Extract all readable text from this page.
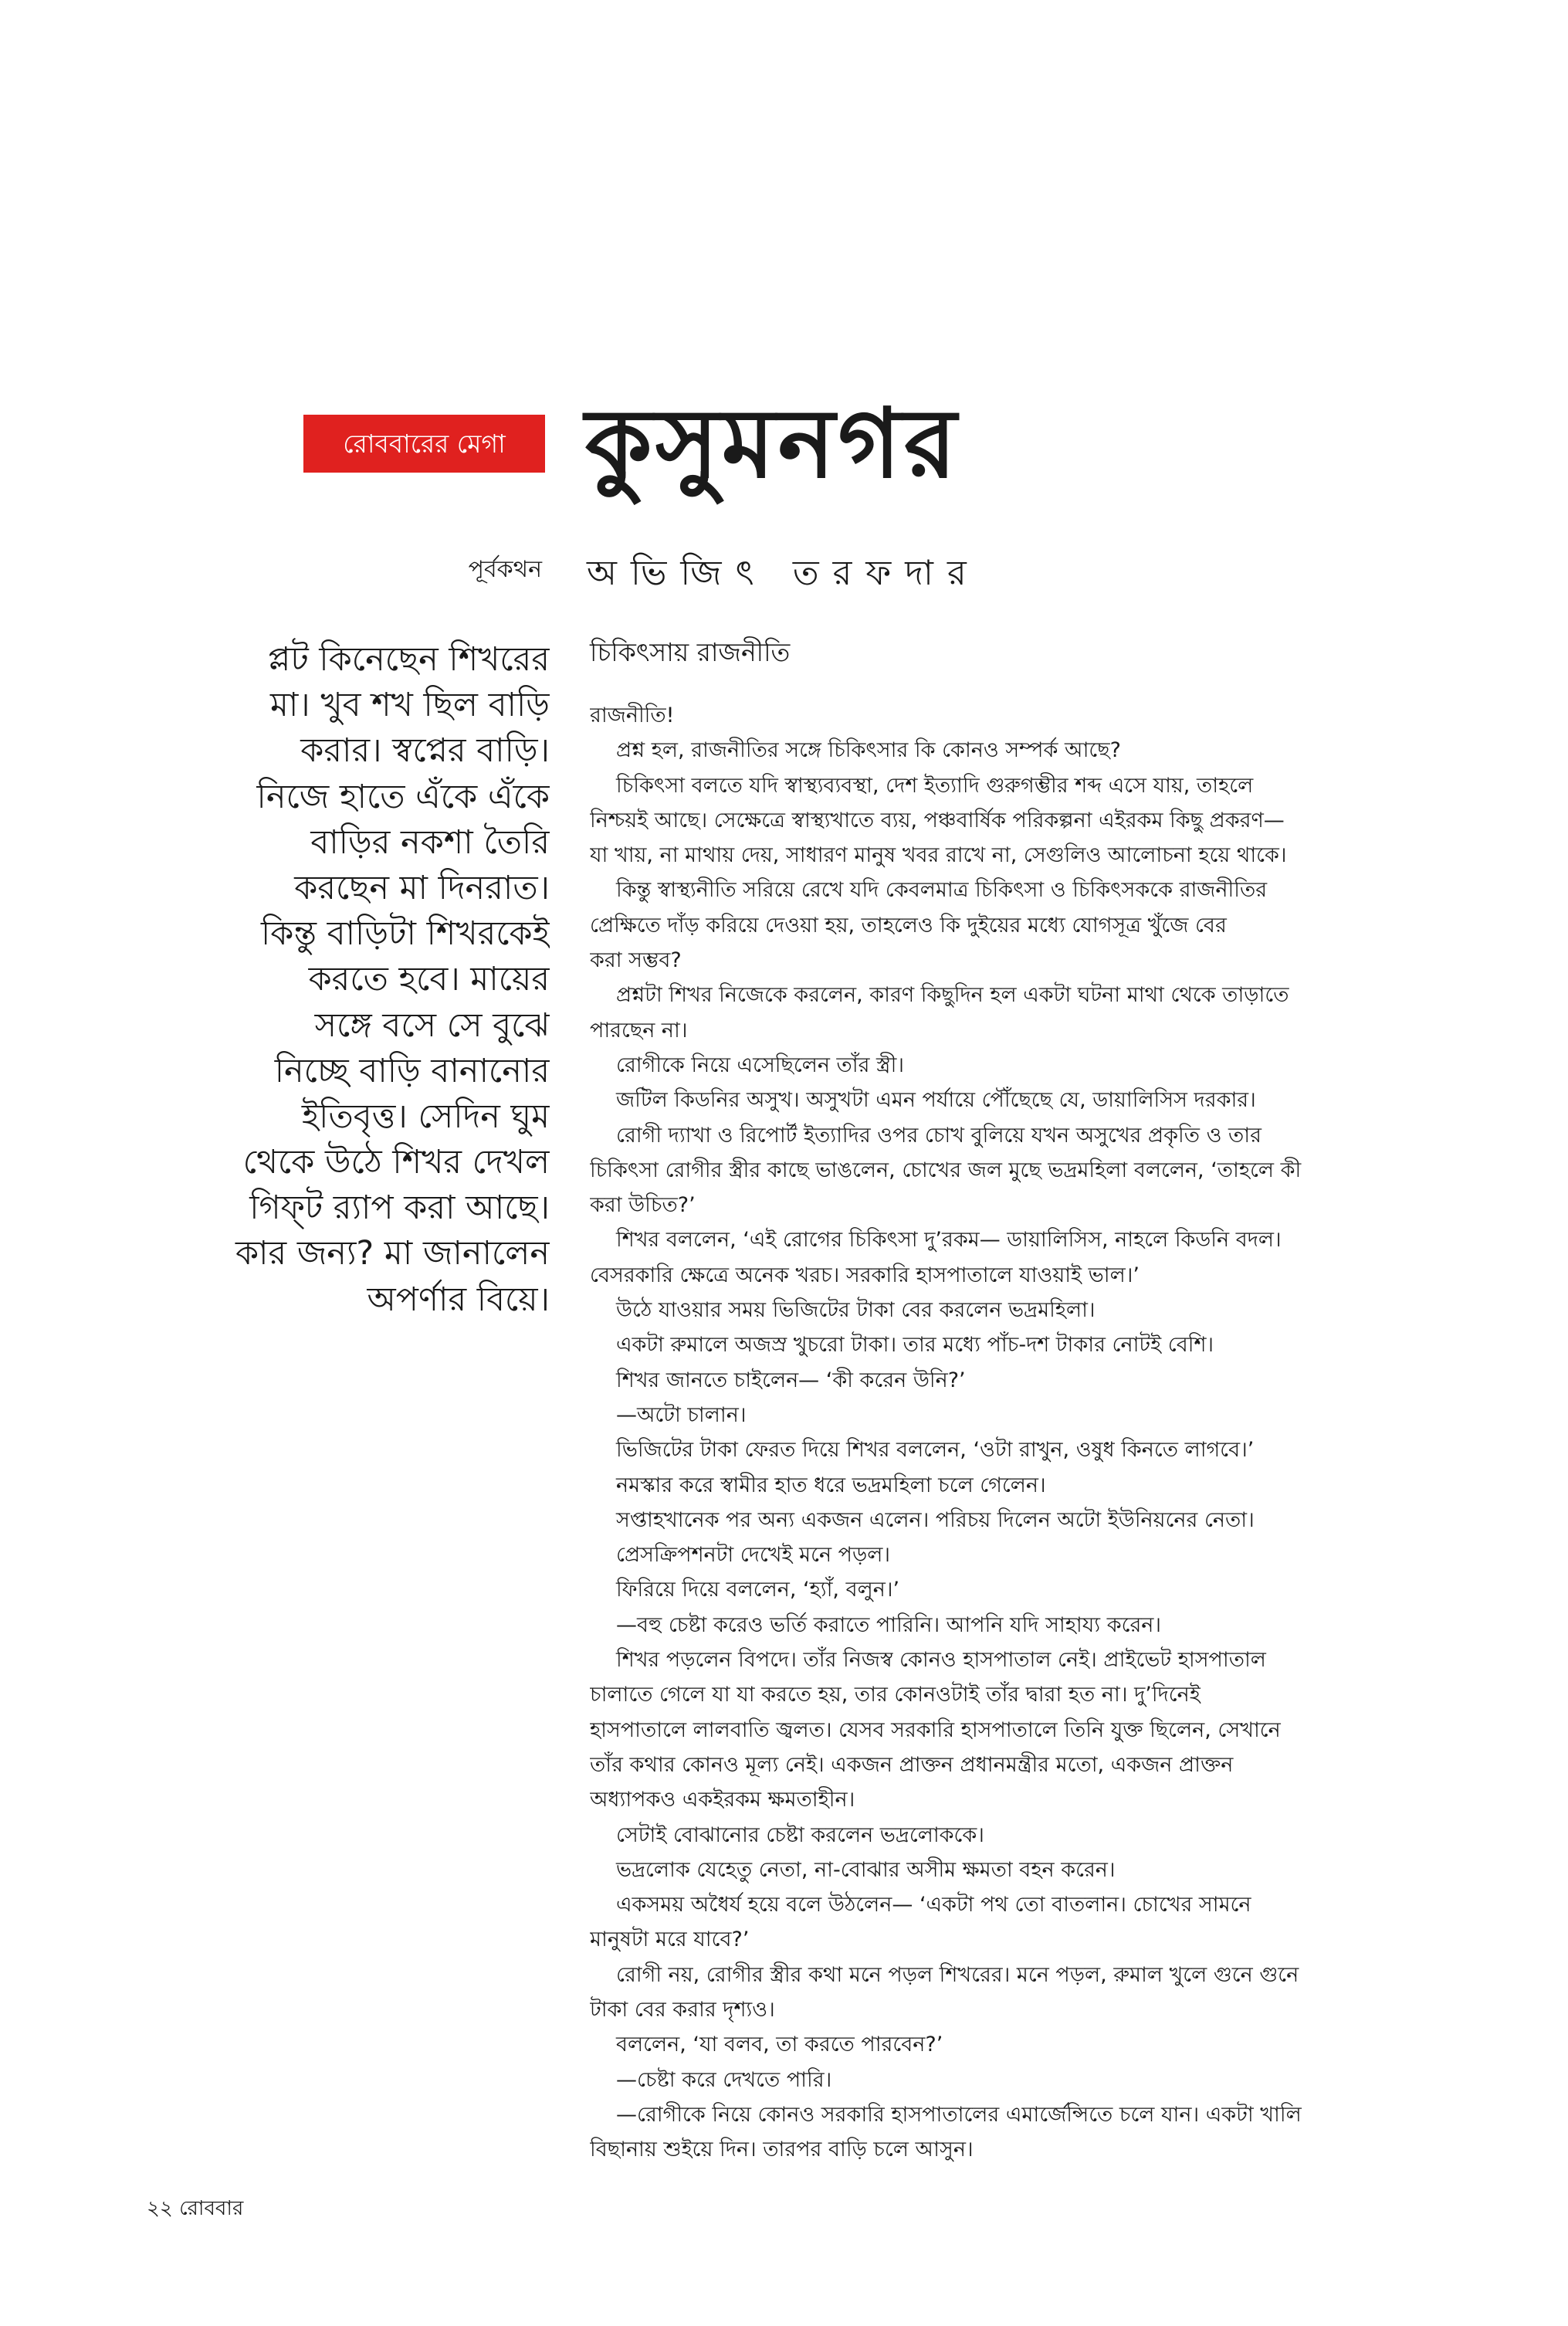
রোববারের মেগা কুসুমনগর
পূর্বকথন অভিজিৎ তরফদার
প্লট কিনেছেন শিখরের
মা। খুব শখ ছিল বাড়ি
করার। স্বপ্নের বাড়ি।
নিজে হাতে এঁকে এঁকে
বাড়ির নকশা তৈরি
করছেন মা দিনরাত।
কিন্তু বাড়িটা শিখরকেই
করতে হবে। মায়ের
সঙ্গে বসে সে বুঝে
নিচ্ছে বাড়ি বানানোর
ইতিবৃত্ত। সেদিন ঘুম
থেকে উঠে শিখর দেখল
গিফ্‌ট র‍্যাপ করা আছে।
কার জন্য? মা জানালেন
অপর্ণার বিয়ে।
চিকিৎসায় রাজনীতি
রাজনীতি!
প্রশ্ন হল, রাজনীতির সঙ্গে চিকিৎসার কি কোনও সম্পর্ক আছে?
চিকিৎসা বলতে যদি স্বাস্থ্যব্যবস্থা, দেশ ইত্যাদি গুরুগম্ভীর শব্দ এসে যায়, তাহলে
নিশ্চয়ই আছে। সেক্ষেত্রে স্বাস্থ্যখাতে ব্যয়, পঞ্চবার্ষিক পরিকল্পনা এইরকম কিছু প্রকরণ—
যা খায়, না মাথায় দেয়, সাধারণ মানুষ খবর রাখে না, সেগুলিও আলোচনা হয়ে থাকে।
কিন্তু স্বাস্থ্যনীতি সরিয়ে রেখে যদি কেবলমাত্র চিকিৎসা ও চিকিৎসককে রাজনীতির
প্রেক্ষিতে দাঁড় করিয়ে দেওয়া হয়, তাহলেও কি দুইয়ের মধ্যে যোগসূত্র খুঁজে বের
করা সম্ভব?
প্রশ্নটা শিখর নিজেকে করলেন, কারণ কিছুদিন হল একটা ঘটনা মাথা থেকে তাড়াতে
পারছেন না।
রোগীকে নিয়ে এসেছিলেন তাঁর স্ত্রী।
জটিল কিডনির অসুখ। অসুখটা এমন পর্যায়ে পৌঁছেছে যে, ডায়ালিসিস দরকার।
রোগী দ্যাখা ও রিপোর্ট ইত্যাদির ওপর চোখ বুলিয়ে যখন অসুখের প্রকৃতি ও তার
চিকিৎসা রোগীর স্ত্রীর কাছে ভাঙলেন, চোখের জল মুছে ভদ্রমহিলা বললেন, ‘তাহলে কী
করা উচিত?’
শিখর বললেন, ‘এই রোগের চিকিৎসা দু’রকম— ডায়ালিসিস, নাহলে কিডনি বদল।
বেসরকারি ক্ষেত্রে অনেক খরচ। সরকারি হাসপাতালে যাওয়াই ভাল।’
উঠে যাওয়ার সময় ভিজিটের টাকা বের করলেন ভদ্রমহিলা।
একটা রুমালে অজস্র খুচরো টাকা। তার মধ্যে পাঁচ-দশ টাকার নোটই বেশি।
শিখর জানতে চাইলেন— ‘কী করেন উনি?’
—অটো চালান।
ভিজিটের টাকা ফেরত দিয়ে শিখর বললেন, ‘ওটা রাখুন, ওষুধ কিনতে লাগবে।’
নমস্কার করে স্বামীর হাত ধরে ভদ্রমহিলা চলে গেলেন।
সপ্তাহখানেক পর অন্য একজন এলেন। পরিচয় দিলেন অটো ইউনিয়নের নেতা।
প্রেসক্রিপশনটা দেখেই মনে পড়ল।
ফিরিয়ে দিয়ে বললেন, ‘হ্যাঁ, বলুন।’
—বহু চেষ্টা করেও ভর্তি করাতে পারিনি। আপনি যদি সাহায্য করেন।
শিখর পড়লেন বিপদে। তাঁর নিজস্ব কোনও হাসপাতাল নেই। প্রাইভেট হাসপাতাল
চালাতে গেলে যা যা করতে হয়, তার কোনওটাই তাঁর দ্বারা হত না। দু’দিনেই
হাসপাতালে লালবাতি জ্বলত। যেসব সরকারি হাসপাতালে তিনি যুক্ত ছিলেন, সেখানে
তাঁর কথার কোনও মূল্য নেই। একজন প্রাক্তন প্রধানমন্ত্রীর মতো, একজন প্রাক্তন
অধ্যাপকও একইরকম ক্ষমতাহীন।
সেটাই বোঝানোর চেষ্টা করলেন ভদ্রলোককে।
ভদ্রলোক যেহেতু নেতা, না-বোঝার অসীম ক্ষমতা বহন করেন।
একসময় অধৈর্য হয়ে বলে উঠলেন— ‘একটা পথ তো বাতলান। চোখের সামনে
মানুষটা মরে যাবে?’
রোগী নয়, রোগীর স্ত্রীর কথা মনে পড়ল শিখরের। মনে পড়ল, রুমাল খুলে গুনে গুনে
টাকা বের করার দৃশ্যও।
বললেন, ‘যা বলব, তা করতে পারবেন?’
—চেষ্টা করে দেখতে পারি।
—রোগীকে নিয়ে কোনও সরকারি হাসপাতালের এমার্জেন্সিতে চলে যান। একটা খালি
বিছানায় শুইয়ে দিন। তারপর বাড়ি চলে আসুন।
২২ রোববার
